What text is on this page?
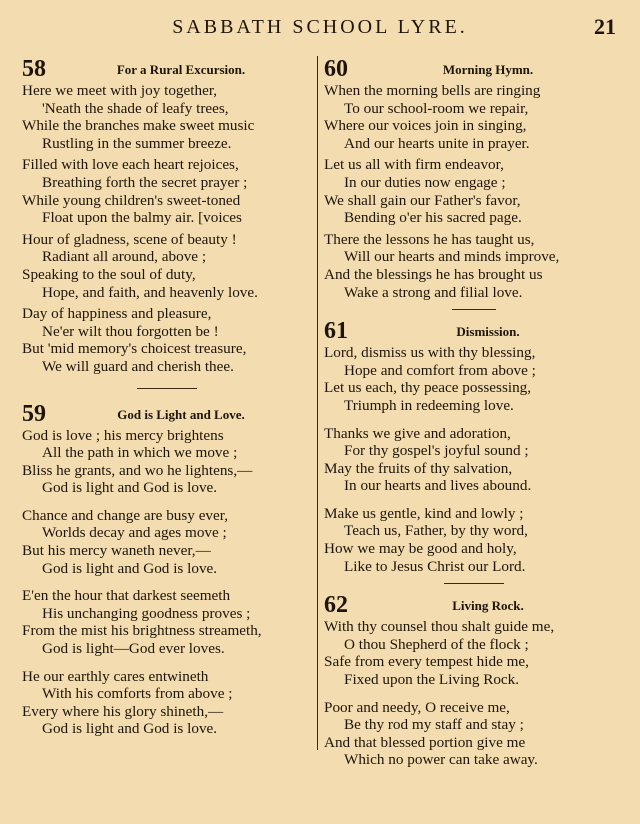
SABBATH SCHOOL LYRE.	21
58	For a Rural Excursion.
Here we meet with joy together,
'Neath the shade of leafy trees,
While the branches make sweet music
Rustling in the summer breeze.
Filled with love each heart rejoices,
Breathing forth the secret prayer ;
While young children's sweet-toned
Float upon the balmy air. [voices
Hour of gladness, scene of beauty !
Radiant all around, above ;
Speaking to the soul of duty,
Hope, and faith, and heavenly love.
Day of happiness and pleasure,
Ne'er wilt thou forgotten be !
But 'mid memory's choicest treasure,
We will guard and cherish thee.
59	God is Light and Love.
God is love ; his mercy brightens
All the path in which we move ;
Bliss he grants, and wo he lightens,—
God is light and God is love.
Chance and change are busy ever,
Worlds decay and ages move ;
But his mercy waneth never,—
God is light and God is love.
E'en the hour that darkest seemeth
His unchanging goodness proves ;
From the mist his brightness streameth,
God is light—God ever loves.
He our earthly cares entwineth
With his comforts from above ;
Every where his glory shineth,—
God is light and God is love.
60	Morning Hymn.
When the morning bells are ringing
To our school-room we repair,
Where our voices join in singing,
And our hearts unite in prayer.
Let us all with firm endeavor,
In our duties now engage ;
We shall gain our Father's favor,
Bending o'er his sacred page.
There the lessons he has taught us,
Will our hearts and minds improve,
And the blessings he has brought us
Wake a strong and filial love.
61	Dismission.
Lord, dismiss us with thy blessing,
Hope and comfort from above ;
Let us each, thy peace possessing,
Triumph in redeeming love.
Thanks we give and adoration,
For thy gospel's joyful sound ;
May the fruits of thy salvation,
In our hearts and lives abound.
Make us gentle, kind and lowly ;
Teach us, Father, by thy word,
How we may be good and holy,
Like to Jesus Christ our Lord.
62	Living Rock.
With thy counsel thou shalt guide me,
O thou Shepherd of the flock ;
Safe from every tempest hide me,
Fixed upon the Living Rock.
Poor and needy, O receive me,
Be thy rod my staff and stay ;
And that blessed portion give me
Which no power can take away.
